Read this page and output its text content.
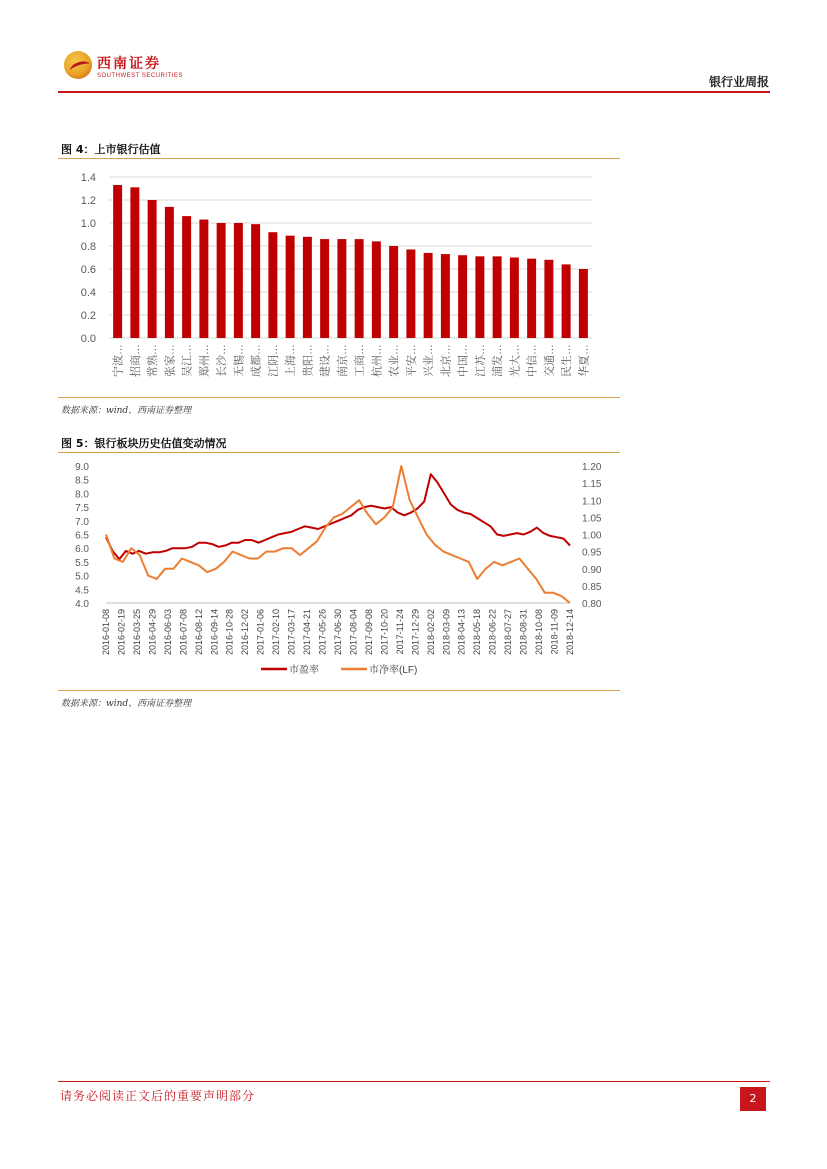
西南证券
SOUTHWEST SECURITIES	银行业周报
图 4：上市银行估值
0.0
0.2
0.4
0.6
0.8
1.0
1.2
1.4
宁波… 招商… 常熟… 张家… 吴江… 郑州… 长沙… 无锡… 成都… 江阴… 上海… 贵阳… 建设… 南京… 工商… 杭州… 农业… 平安… 兴业… 北京… 中国… 江苏… 浦发… 光大… 中信… 交通… 民生… 华夏…
数据来源：wind、西南证券整理
图 5：银行板块历史估值变动情况
4.0
4.5
5.0
5.5
6.0
6.5
7.0
7.5
8.0
8.5
9.0
0.80
0.85
0.90
0.95
1.00
1.05
1.10
1.15
1.20
2016-01-08 2016-02-19 2016-03-25 2016-04-29 2016-06-03 2016-07-08 2016-08-12 2016-09-14 2016-10-28 2016-12-02 2017-01-06 2017-02-10 2017-03-17 2017-04-21 2017-05-26 2017-06-30 2017-08-04 2017-09-08 2017-10-20 2017-11-24 2017-12-29 2018-02-02 2018-03-09 2018-04-13 2018-05-18 2018-06-22 2018-07-27 2018-08-31 2018-10-08 2018-11-09 2018-12-14
市盈率	市净率(LF)
数据来源：wind、西南证券整理
请务必阅读正文后的重要声明部分	2
